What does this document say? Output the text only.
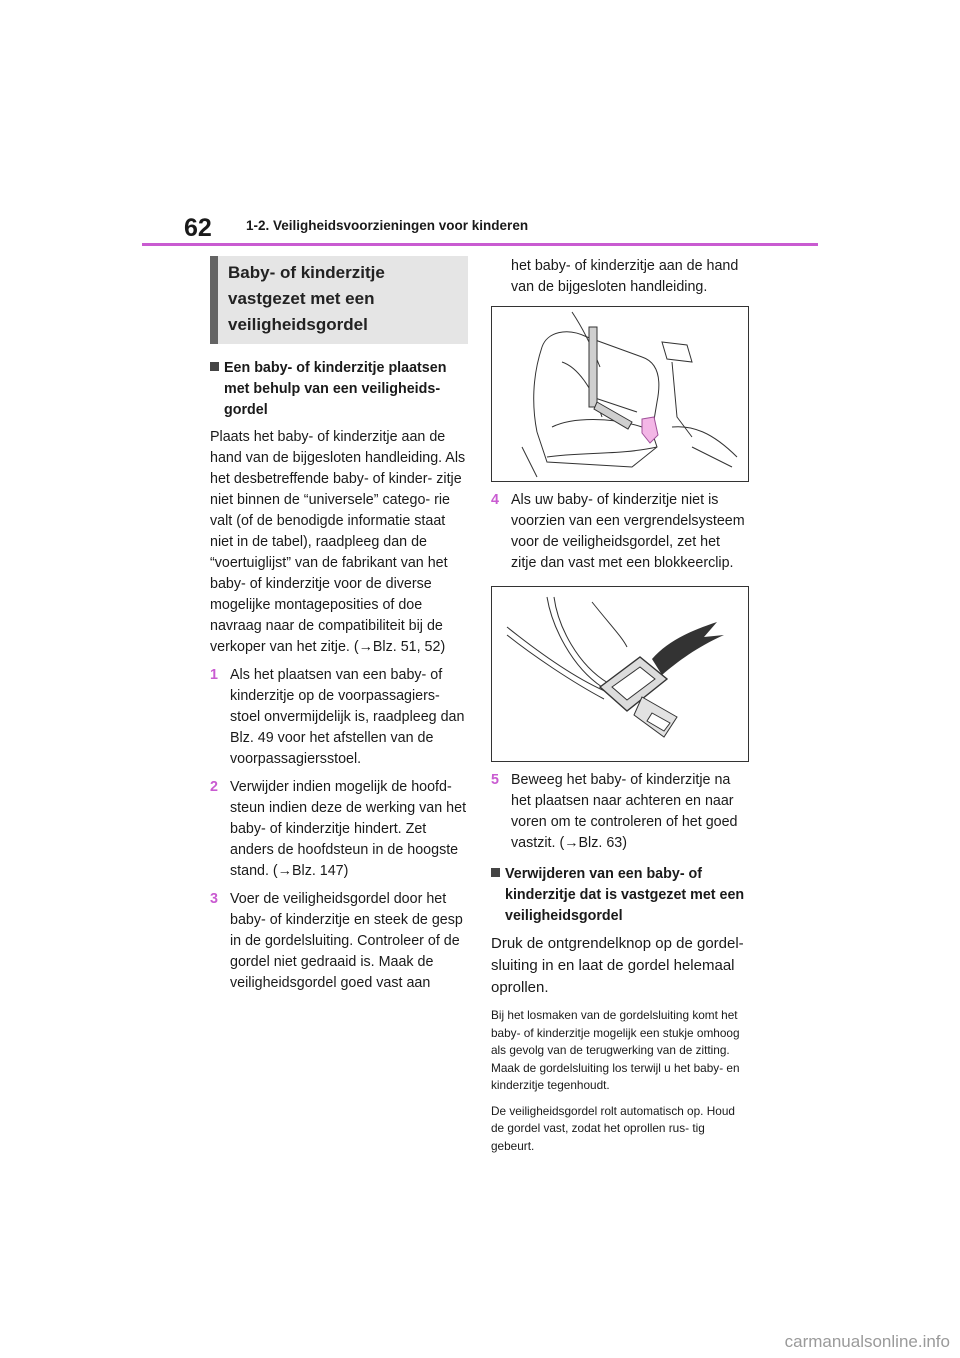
62	1-2. Veiligheidsvoorzieningen voor kinderen
Baby- of kinderzitje vastgezet met een veiligheidsgordel
Een baby- of kinderzitje plaatsen met behulp van een veiligheids- gordel

Plaats het baby- of kinderzitje aan de hand van de bijgesloten handleiding. Als het desbetreffende baby- of kinder- zitje niet binnen de “universele” catego- rie valt (of de benodigde informatie staat niet in de tabel), raadpleeg dan de “voertuiglijst” van de fabrikant van het baby- of kinderzitje voor de diverse mogelijke montageposities of doe navraag naar de compatibiliteit bij de verkoper van het zitje. (→Blz. 51, 52)

1 Als het plaatsen van een baby- of kinderzitje op de voorpassagiers- stoel onvermijdelijk is, raadpleeg dan Blz. 49 voor het afstellen van de voorpassagiersstoel.
2 Verwijder indien mogelijk de hoofd- steun indien deze de werking van het baby- of kinderzitje hindert. Zet anders de hoofdsteun in de hoogste stand. (→Blz. 147)
3 Voer de veiligheidsgordel door het baby- of kinderzitje en steek de gesp in de gordelsluiting. Controleer of de gordel niet gedraaid is. Maak de veiligheidsgordel goed vast aan

het baby- of kinderzitje aan de hand van de bijgesloten handleiding.

4 Als uw baby- of kinderzitje niet is voorzien van een vergrendelsysteem voor de veiligheidsgordel, zet het zitje dan vast met een blokkeerclip.
5 Beweeg het baby- of kinderzitje na het plaatsen naar achteren en naar voren om te controleren of het goed vastzit. (→Blz. 63)
Verwijderen van een baby- of kinderzitje dat is vastgezet met een veiligheidsgordel

Druk de ontgrendelknop op de gordel- sluiting in en laat de gordel helemaal oprollen.

Bij het losmaken van de gordelsluiting komt het baby- of kinderzitje mogelijk een stukje omhoog als gevolg van de terugwerking van de zitting. Maak de gordelsluiting los terwijl u het baby- en kinderzitje tegenhoudt.

De veiligheidsgordel rolt automatisch op. Houd de gordel vast, zodat het oprollen rus- tig gebeurt.

carmanualsonline.info
